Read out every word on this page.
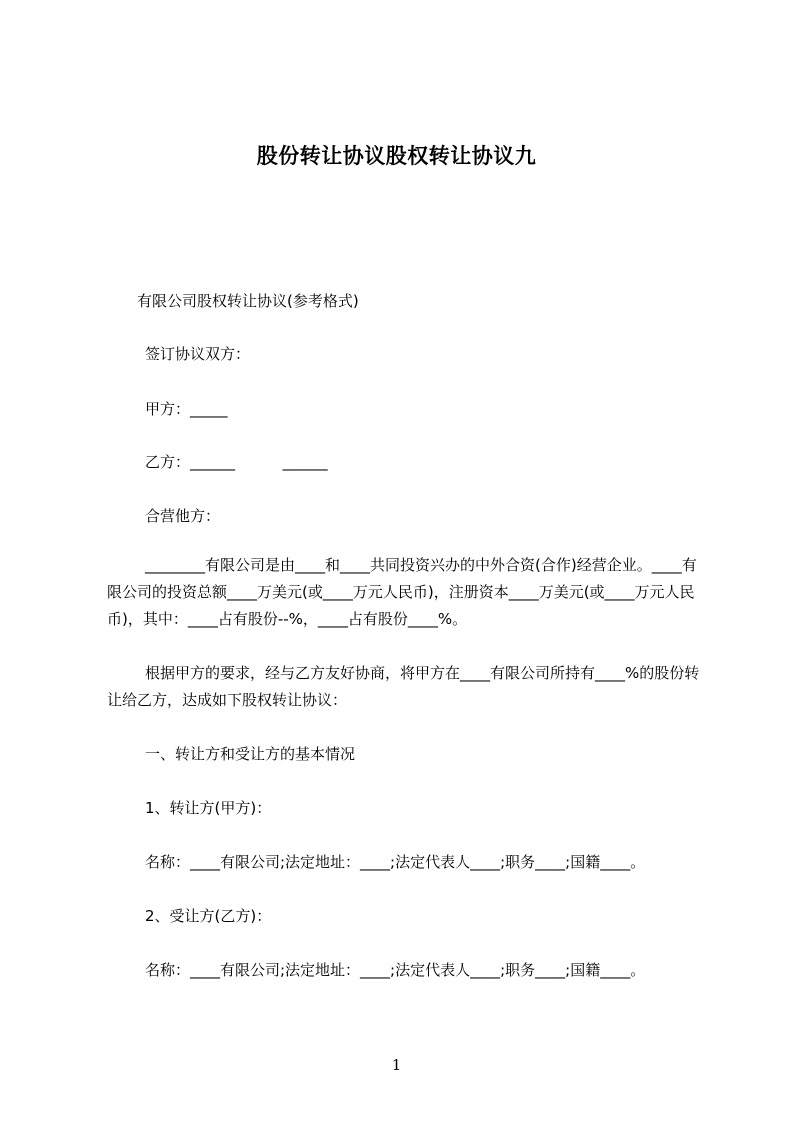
股份转让协议股权转让协议九
有限公司股权转让协议(参考格式)
签订协议双方：
甲方：_____
乙方：______          ______
合营他方：
________有限公司是由____和____共同投资兴办的中外合资(合作)经营企业。____有限公司的投资总额____万美元(或____万元人民币)，注册资本____万美元(或____万元人民币)，其中：____占有股份--%，____占有股份____%。
根据甲方的要求，经与乙方友好协商，将甲方在____有限公司所持有____%的股份转让给乙方，达成如下股权转让协议：
一、转让方和受让方的基本情况
1、转让方(甲方)：
名称：____有限公司;法定地址：____;法定代表人____;职务____;国籍____。
2、受让方(乙方)：
名称：____有限公司;法定地址：____;法定代表人____;职务____;国籍____。
1
